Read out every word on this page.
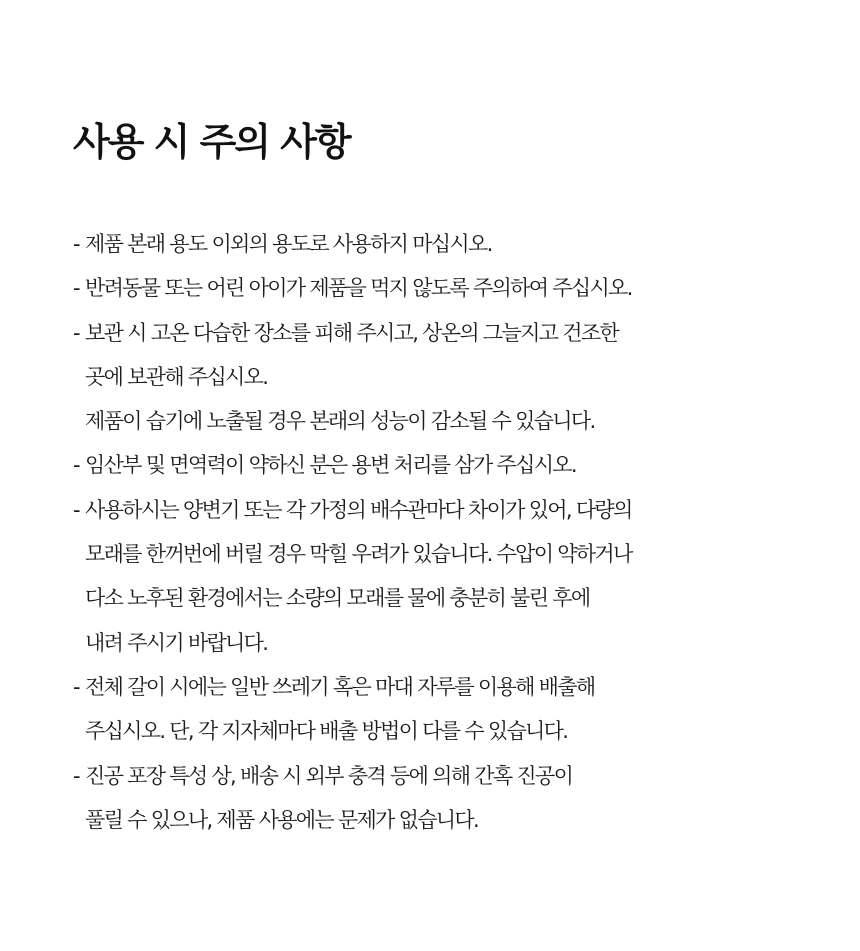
사용 시 주의 사항
- 제품 본래 용도 이외의 용도로 사용하지 마십시오.
- 반려동물 또는 어린 아이가 제품을 먹지 않도록 주의하여 주십시오.
- 보관 시 고온 다습한 장소를 피해 주시고, 상온의 그늘지고 건조한
곳에 보관해 주십시오.
제품이 습기에 노출될 경우 본래의 성능이 감소될 수 있습니다.
- 임산부 및 면역력이 약하신 분은 용변 처리를 삼가 주십시오.
- 사용하시는 양변기 또는 각 가정의 배수관마다 차이가 있어, 다량의
모래를 한꺼번에 버릴 경우 막힐 우려가 있습니다. 수압이 약하거나
다소 노후된 환경에서는 소량의 모래를 물에 충분히 불린 후에
내려 주시기 바랍니다.
- 전체 갈이 시에는 일반 쓰레기 혹은 마대 자루를 이용해 배출해
주십시오. 단, 각 지자체마다 배출 방법이 다를 수 있습니다.
- 진공 포장 특성 상, 배송 시 외부 충격 등에 의해 간혹 진공이
풀릴 수 있으나, 제품 사용에는 문제가 없습니다.
